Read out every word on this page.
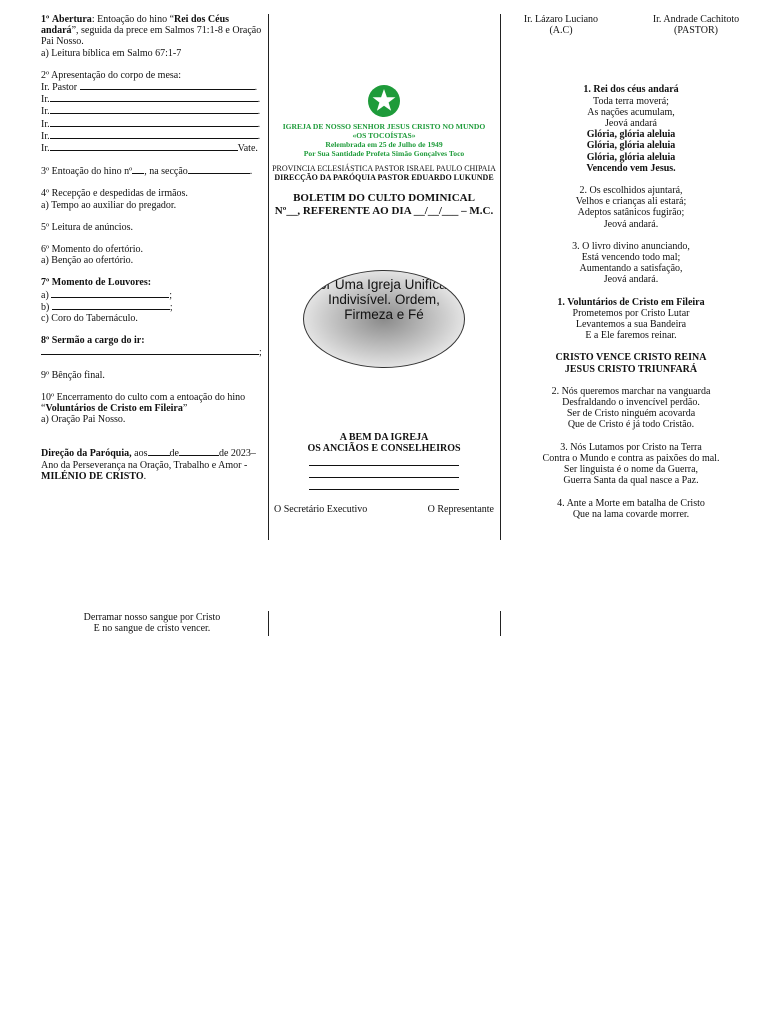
1º Abertura: Entoação do hino “Rei dos Céus andará”, seguida da prece em Salmos 71:1-8 e Oração Pai Nosso.

a) Leitura bíblica em Salmo 67:1-7

2º Apresentação do corpo de mesa:

Ir. Pastor	.

Ir.	.

Ir.	.

Ir.	.

Ir.	.

Ir.	Vate.

3º Entoação do hino nº , na secção	.

4º Recepção e despedidas de irmãos.

a) Tempo ao auxiliar do pregador.

5º Leitura de anúncios.

6º Momento do ofertório.

a) Benção ao ofertório.

7º Momento de Louvores:

a)	;

b)	;

c) Coro do Tabernáculo.

8º Sermão a cargo do ir:

;

9º Bênção final.

10º Encerramento do culto com a entoação do hino “Voluntários de Cristo em Fileira”

a) Oração Pai Nosso.

Direção da Paróquia, aos de	de 2023– Ano da Perseverança na Oração, Trabalho e Amor - MILÉNIO DE CRISTO.

Derramar nosso sangue por Cristo

E no sangue de cristo vencer.

IGREJA DE NOSSO SENHOR JESUS CRISTO NO MUNDO

«OS TOCOÍSTAS»

Relembrada em 25 de Julho de 1949

Por Sua Santidade Profeta Simão Gonçalves Toco

PROVINCIA ECLESIÁSTICA PASTOR ISRAEL PAULO CHIPAIA

DIRECÇÃO DA PARÓQUIA PASTOR EDUARDO LUKUNDE

BOLETIM DO CULTO DOMINICAL

Nº__, REFERENTE AO DIA __/__/___ – M.C.

Por Uma Igreja Unifíca e Indivisível. Ordem, Firmeza e Fé

A BEM DA IGREJA

OS ANCIÃOS E CONSELHEIROS

O Secretário Executivo	O Representante

Ir. Lázaro Luciano

(A.C)

Ir. Andrade Cachitoto

(PASTOR)

1. Rei dos céus andará

Toda terra moverá;

As nações acumulam,

Jeová andará

Glória, glória aleluia

Glória, glória aleluia

Glória, glória aleluia

Vencendo vem Jesus.

2. Os escolhidos ajuntará,

Velhos e crianças ali estará;

Adeptos satânicos fugirão;

Jeová andará.

3. O livro divino anunciando,

Está vencendo todo mal;

Aumentando a satisfação,

Jeová andará.

1. Voluntários de Cristo em Fileira

Prometemos por Cristo Lutar

Levantemos a sua Bandeira

E a Ele faremos reinar.

CRISTO VENCE CRISTO REINA

JESUS CRISTO TRIUNFARÁ

2. Nós queremos marchar na vanguarda

Desfraldando o invencível perdão.

Ser de Cristo ninguém acovarda

Que de Cristo é já todo Cristão.

3. Nós Lutamos por Cristo na Terra

Contra o Mundo e contra as paixões do mal.

Ser linguista é o nome da Guerra,

Guerra Santa da qual nasce a Paz.

4. Ante a Morte em batalha de Cristo

Que na lama covarde morrer.
